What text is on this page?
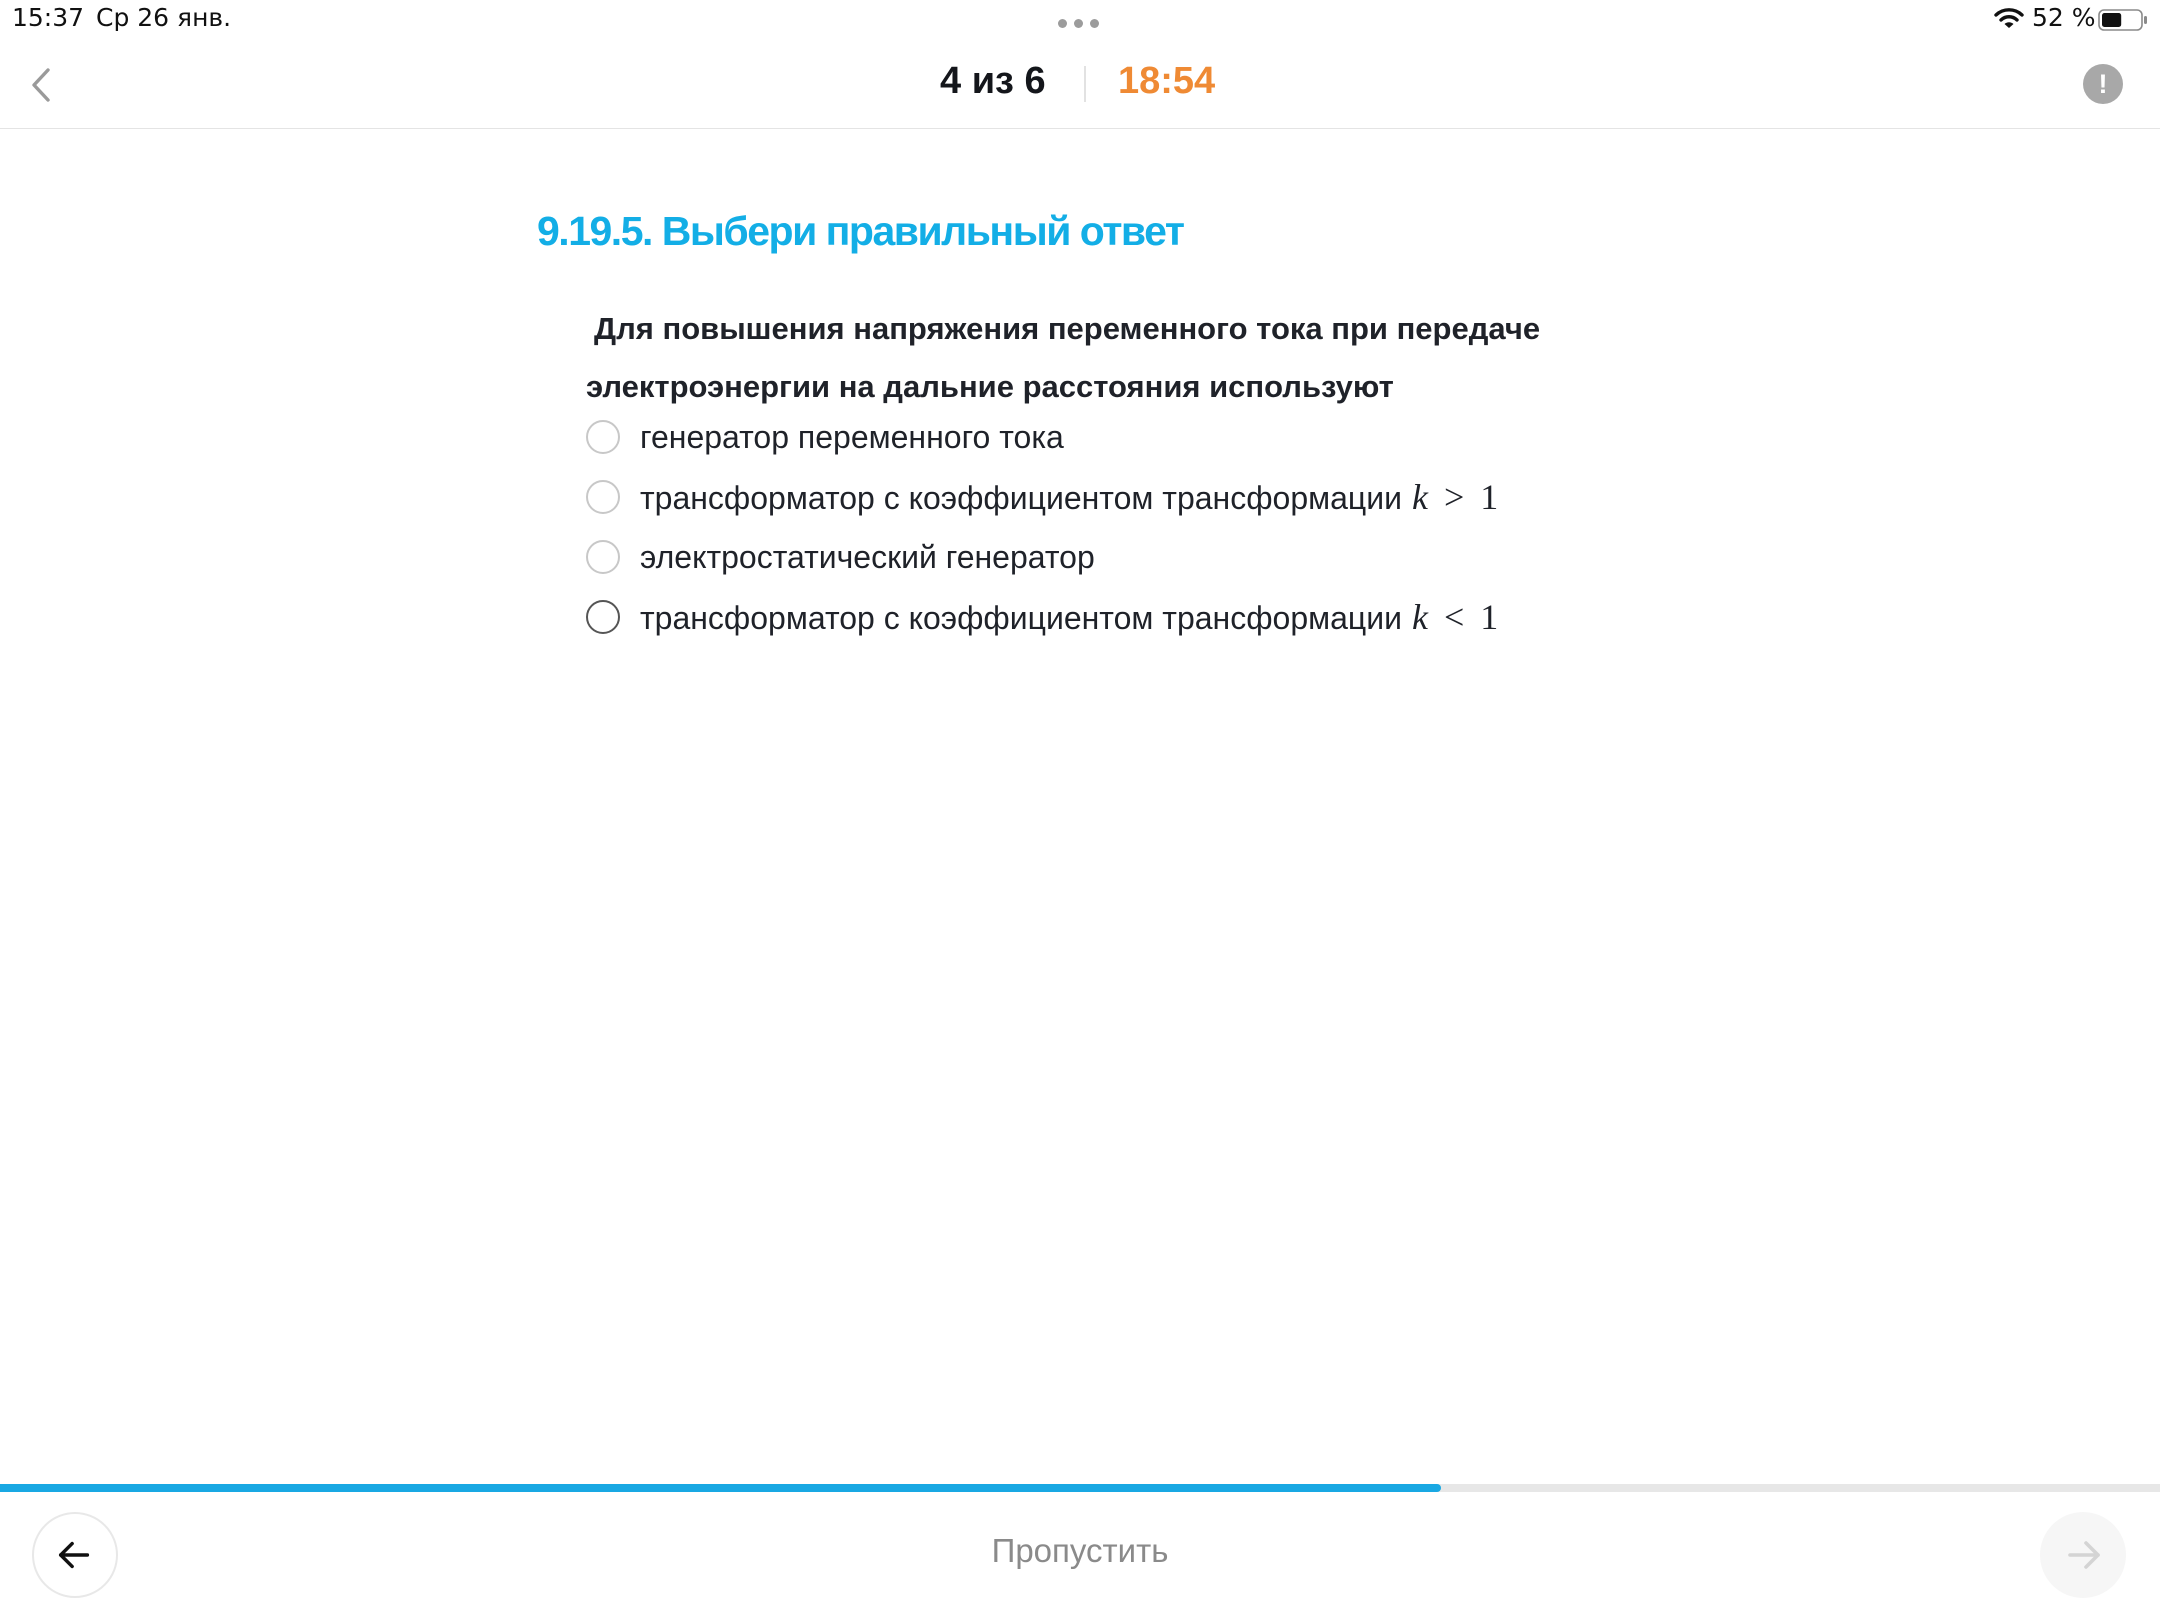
15:37 Ср 26 янв.	52 %
4 из 6 18:54	!
9.19.5. Выбери правильный ответ
Для повышения напряжения переменного тока при передаче электроэнергии на дальние расстояния используют
генератор переменного тока
трансформатор с коэффициентом трансформации k > 1
электростатический генератор
трансформатор с коэффициентом трансформации k < 1
Пропустить
